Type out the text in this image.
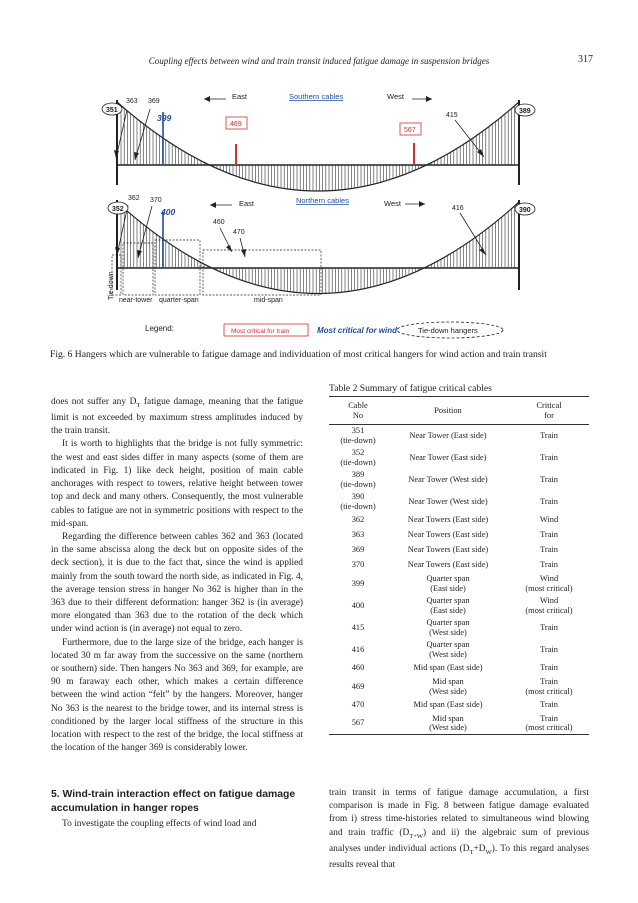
Coupling effects between wind and train transit induced fatigue damage in suspension bridges	317
363 369
351
399
East	Southern cables	West
469
567
415
389
362 370
352	400
460
470
East	Northern cables	West
416	390
Tie-down
near-tower quarter-span	mid-span
Legend:	Most critical for train	Most critical for wind	Tie-down hangers
Fig. 6 Hangers which are vulnerable to fatigue damage and individuation of most critical hangers for wind action and train transit

does not suffer any $D_T$ fatigue damage, meaning that the fatigue limit is not exceeded by maximum stress amplitudes induced by the train transit.

It is worth to highlights that the bridge is not fully symmetric: the west and east sides differ in many aspects (some of them are indicated in Fig. 1) like deck height, position of main cable anchorages with respect to towers, relative height between tower top and deck and many others. Consequently, the most vulnerable cables to fatigue are not in symmetric positions with respect to the mid-span.

Regarding the difference between cables 362 and 363 (located in the same abscissa along the deck but on opposite sides of the deck section), it is due to the fact that, since the wind is applied mainly from the south toward the north side, as indicated in Fig. 4, the average tension stress in hanger No 362 is higher than in the 363 due to their different deformation: hanger 362 is (in average) more elongated than 363 due to the rotation of the deck which under wind action is (in average) not equal to zero.

Furthermore, due to the large size of the bridge, each hanger is located 30 m far away from the successive on the same (northern or southern) side. Then hangers No 363 and 369, for example, are 90 m faraway each other, which makes a certain difference between the wind action “felt” by the hangers. Moreover, hanger No 363 is the nearest to the bridge tower, and its internal stress is conditioned by the larger local stiffness of the structure in this location with respect to the rest of the bridge, the local stiffness at the location of the hanger 369 is considerably lower.

5. Wind-train interaction effect on fatigue damage accumulation in hanger ropes
To investigate the coupling effects of wind load and
Table 2 Summary of fatigue critical cables
Cable
No	Position	Critical
for
351
(tie-down)	Near Tower (East side)	Train
352
(tie-down)	Near Tower (East side)	Train
389
(tie-down)	Near Tower (West side)	Train
390
(tie-down)	Near Tower (West side)	Train
362	Near Towers (East side)	Wind
363	Near Towers (East side)	Train
369	Near Towers (East side)	Train
370	Near Towers (East side)	Train
399	Quarter span
(East side)	Wind
(most critical)
400	Quarter span
(East side)	Wind
(most critical)
415	Quarter span
(West side)	Train
416	Quarter span
(West side)	Train
460	Mid span (East side)	Train
469	Mid span
(West side)	Train
(most critical)
470	Mid span (East side)	Train
567	Mid span
(West side)	Train
(most critical)
train transit in terms of fatigue damage accumulation, a first comparison is made in Fig. 8 between fatigue damage evaluated from i) stress time-histories related to simultaneous wind blowing and train traffic $(D_{T+W})$ and ii) the algebraic sum of previous analyses under individual actions $(D_T+D_W)$. To this regard analyses results reveal that
